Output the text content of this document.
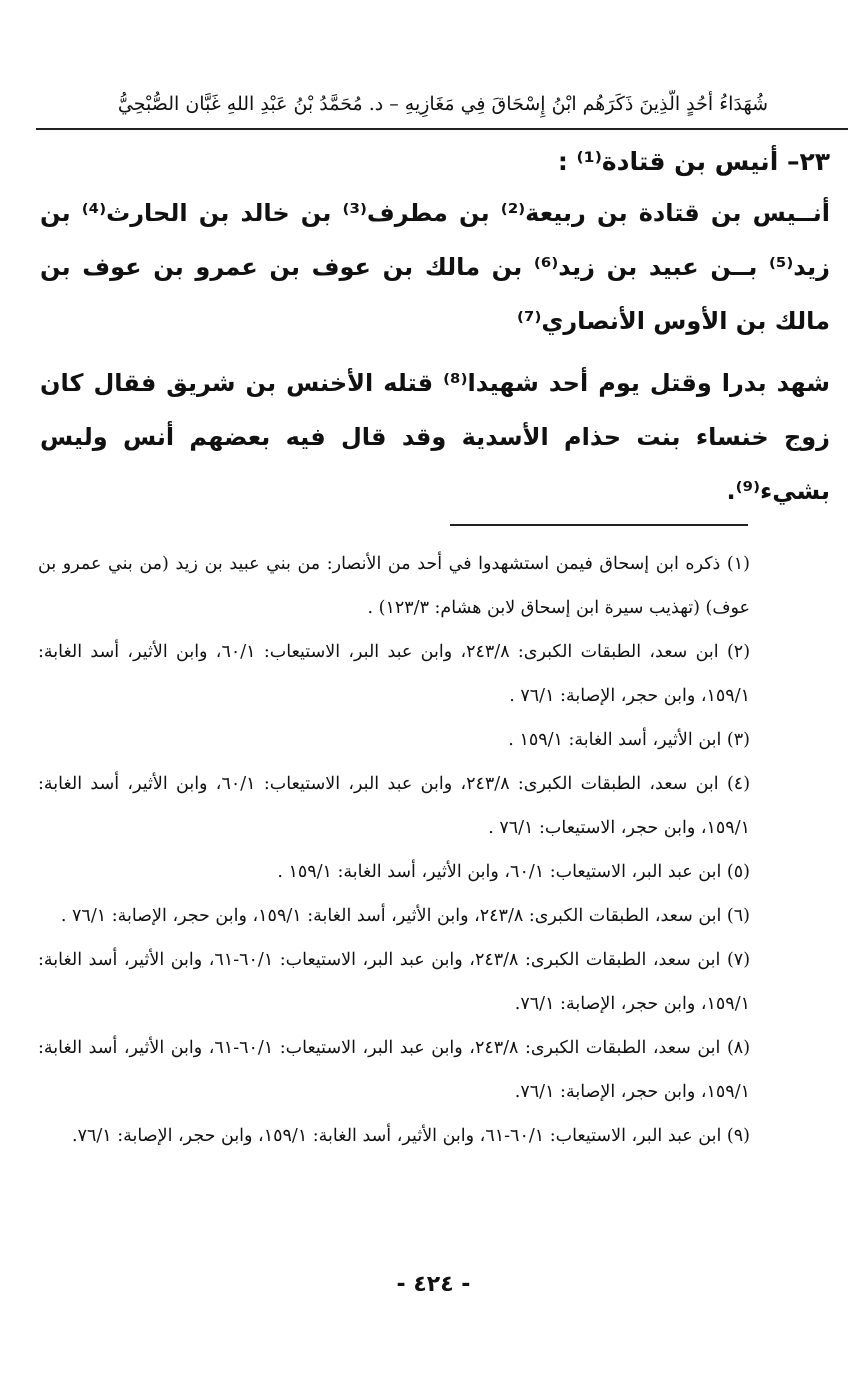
شُهَدَاءُ أُحُدٍ الَّذِينَ ذَكَرَهُم ابْنُ إِسْحَاقَ فِي مَغَازِيهِ – د. مُحَمَّدُ بْنُ عَبْدِ اللهِ غَبَّان الصُّبْحِيُّ

٢٣– أنيس بن قتادة⁽¹⁾ :

أنــيس بن قتادة بن ربيعة⁽²⁾ بن مطرف⁽³⁾ بن خالد بن الحارث⁽⁴⁾ بن زيد⁽⁵⁾ بــن عبيد بن زيد⁽⁶⁾ بن مالك بن عوف بن عمرو بن عوف بن مالك بن الأوس الأنصاري⁽⁷⁾

شهد بدرا وقتل يوم أحد شهيدا⁽⁸⁾ قتله الأخنس بن شريق فقال كان زوج خنساء بنت حذام الأسدية وقد قال فيه بعضهم أنس وليس بشيء⁽⁹⁾.

(١) ذكره ابن إسحاق فيمن استشهدوا في أحد من الأنصار: من بني عبيد بن زيد (من بني عمرو بن عوف) (تهذيب سيرة ابن إسحاق لابن هشام: ١٢٣/٣) .

(٢) ابن سعد، الطبقات الكبرى: ٢٤٣/٨، وابن عبد البر، الاستيعاب: ٦٠/١، وابن الأثير، أسد الغابة: ١٥٩/١، وابن حجر، الإصابة: ٧٦/١ .

(٣) ابن الأثير، أسد الغابة: ١٥٩/١ .

(٤) ابن سعد، الطبقات الكبرى: ٢٤٣/٨، وابن عبد البر، الاستيعاب: ٦٠/١، وابن الأثير، أسد الغابة: ١٥٩/١، وابن حجر، الاستيعاب: ٧٦/١ .

(٥) ابن عبد البر، الاستيعاب: ٦٠/١، وابن الأثير، أسد الغابة: ١٥٩/١ .

(٦) ابن سعد، الطبقات الكبرى: ٢٤٣/٨، وابن الأثير، أسد الغابة: ١٥٩/١، وابن حجر، الإصابة: ٧٦/١ .

(٧) ابن سعد، الطبقات الكبرى: ٢٤٣/٨، وابن عبد البر، الاستيعاب: ٦٠/١-٦١، وابن الأثير، أسد الغابة: ١٥٩/١، وابن حجر، الإصابة: ٧٦/١.

(٨) ابن سعد، الطبقات الكبرى: ٢٤٣/٨، وابن عبد البر، الاستيعاب: ٦٠/١-٦١، وابن الأثير، أسد الغابة: ١٥٩/١، وابن حجر، الإصابة: ٧٦/١.

(٩) ابن عبد البر، الاستيعاب: ٦٠/١-٦١، وابن الأثير، أسد الغابة: ١٥٩/١، وابن حجر، الإصابة: ٧٦/١.

- ٤٢٤ -
